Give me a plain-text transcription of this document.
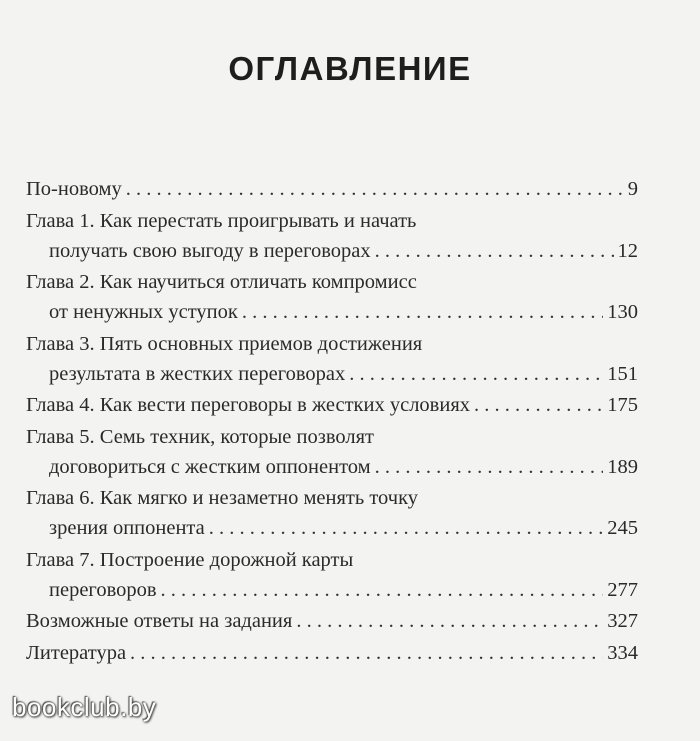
ОГЛАВЛЕНИЕ
По-новому . . .	9
Глава 1. Как перестать проигрывать и начать
получать свою выгоду в переговорах . . .	12
Глава 2. Как научиться отличать компромисс
от ненужных уступок . . .	130
Глава 3. Пять основных приемов достижения
результата в жестких переговорах . . .	151
Глава 4. Как вести переговоры в жестких условиях . . .	175
Глава 5. Семь техник, которые позволят
договориться с жестким оппонентом . . .	189
Глава 6. Как мягко и незаметно менять точку
зрения оппонента . . .	245
Глава 7. Построение дорожной карты
переговоров . . .	277
Возможные ответы на задания . . .	327
Литература . . .	334
bookclub.by
